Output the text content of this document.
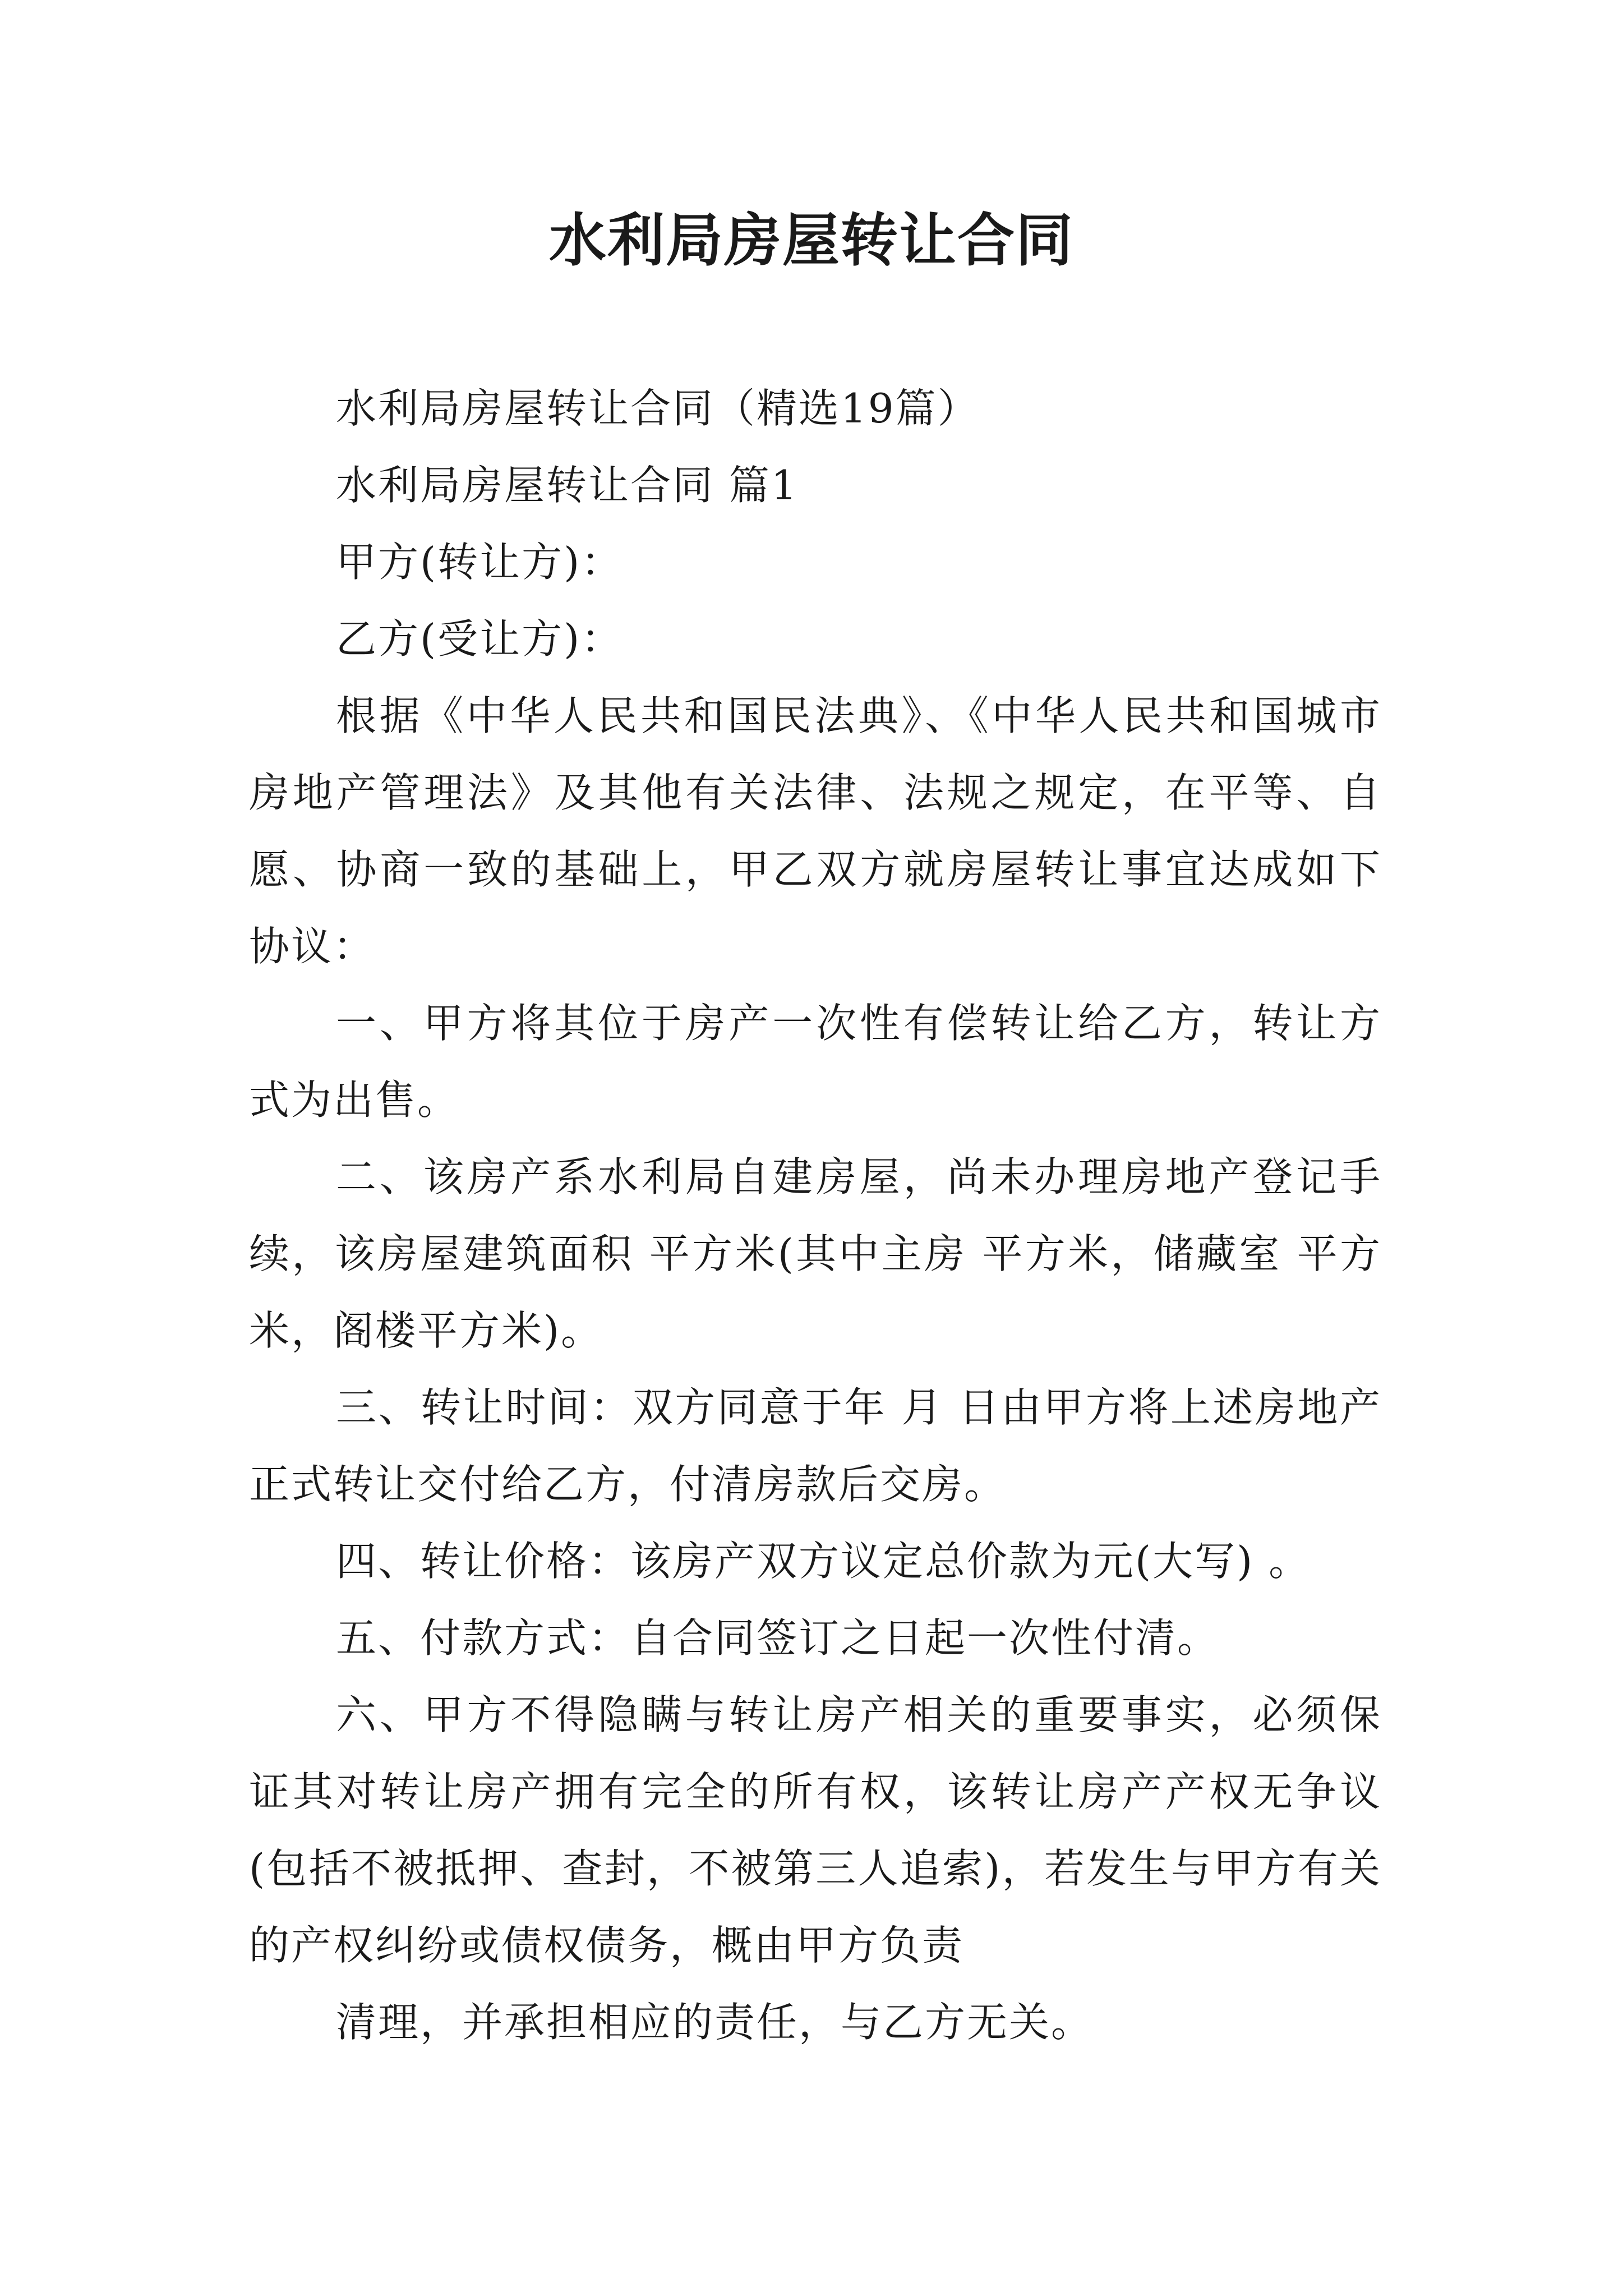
水利局房屋转让合同

水利局房屋转让合同（精选19篇）

水利局房屋转让合同 篇1

甲方(转让方)：

乙方(受让方)：

根据《中华人民共和国民法典》、《中华人民共和国城市房地产管理法》及其他有关法律、法规之规定，在平等、自愿、协商一致的基础上，甲乙双方就房屋转让事宜达成如下协议：

一、甲方将其位于房产一次性有偿转让给乙方，转让方式为出售。

二、该房产系水利局自建房屋，尚未办理房地产登记手续，该房屋建筑面积 平方米(其中主房 平方米，储藏室 平方米，阁楼平方米)。

三、转让时间：双方同意于年 月 日由甲方将上述房地产正式转让交付给乙方，付清房款后交房。

四、转让价格：该房产双方议定总价款为元(大写) 。

五、付款方式：自合同签订之日起一次性付清。

六、甲方不得隐瞒与转让房产相关的重要事实，必须保证其对转让房产拥有完全的所有权，该转让房产产权无争议(包括不被抵押、查封，不被第三人追索)，若发生与甲方有关的产权纠纷或债权债务，概由甲方负责

清理，并承担相应的责任，与乙方无关。
